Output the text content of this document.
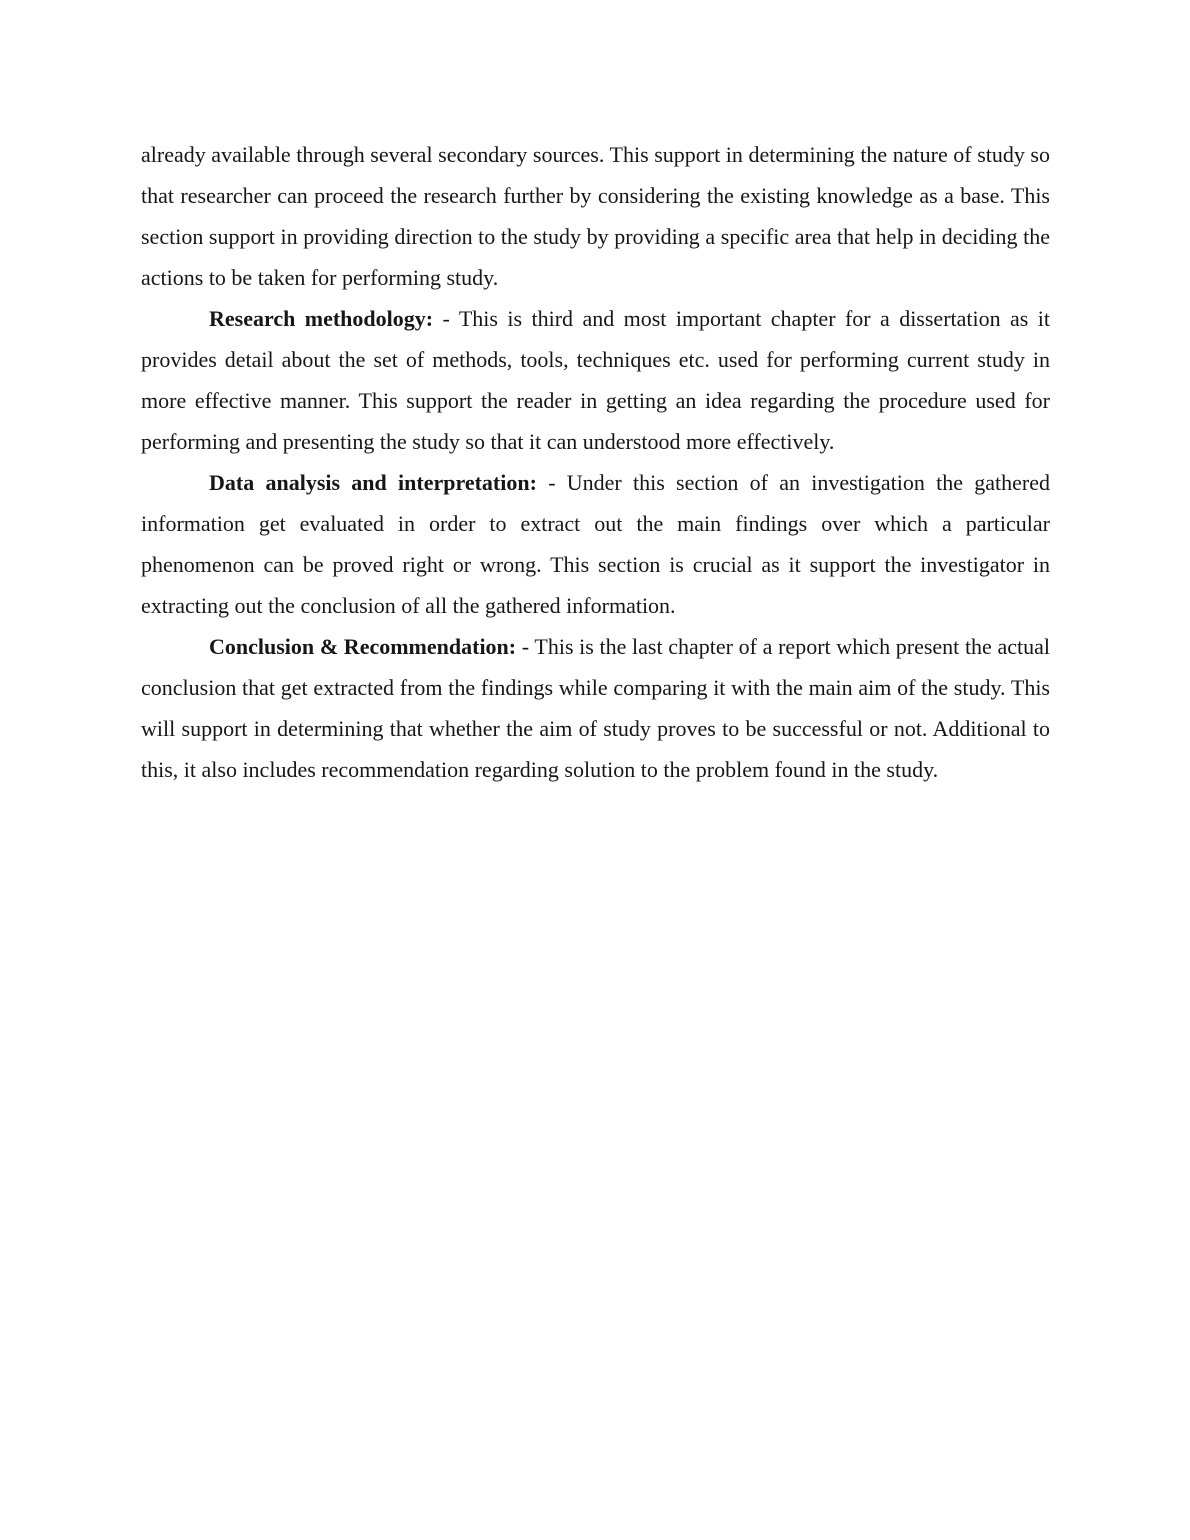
already available through several secondary sources. This support in determining the nature of study so that researcher can proceed the research further by considering the existing knowledge as a base. This section support in providing direction to the study by providing a specific area that help in deciding the actions to be taken for performing study.

Research methodology: - This is third and most important chapter for a dissertation as it provides detail about the set of methods, tools, techniques etc. used for performing current study in more effective manner. This support the reader in getting an idea regarding the procedure used for performing and presenting the study so that it can understood more effectively.

Data analysis and interpretation: - Under this section of an investigation the gathered information get evaluated in order to extract out the main findings over which a particular phenomenon can be proved right or wrong. This section is crucial as it support the investigator in extracting out the conclusion of all the gathered information.

Conclusion & Recommendation: - This is the last chapter of a report which present the actual conclusion that get extracted from the findings while comparing it with the main aim of the study. This will support in determining that whether the aim of study proves to be successful or not. Additional to this, it also includes recommendation regarding solution to the problem found in the study.
